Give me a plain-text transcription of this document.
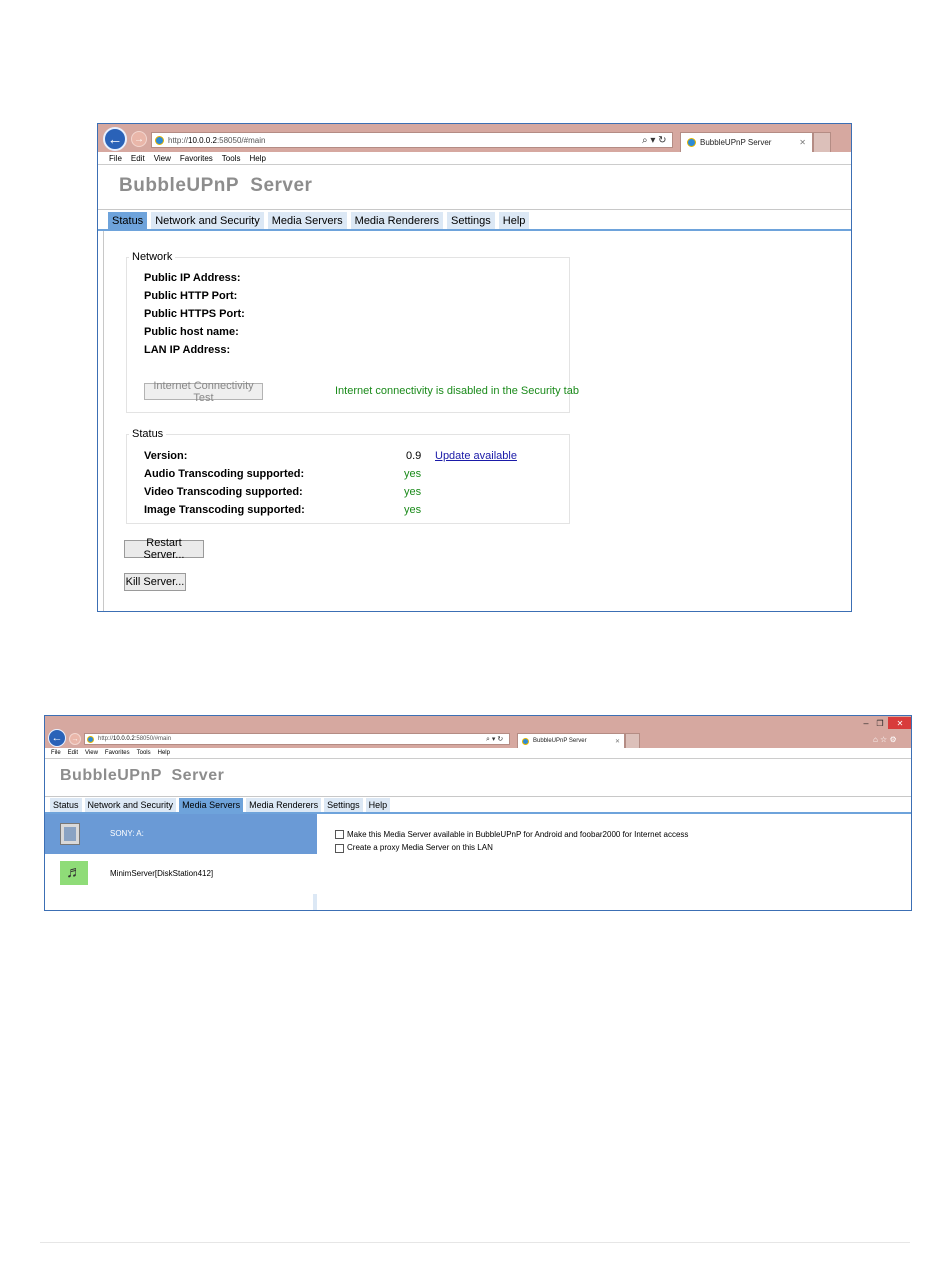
← →	http:// 10.0.0.2 :58050/#main	⌕ ▾ ↻	BubbleUPnP Server	✕
File Edit View Favorites Tools Help
BubbleUPnP  Server
Status Network and Security Media Servers Media Renderers Settings Help
Network
Public IP Address:
Public HTTP Port:
Public HTTPS Port:
Public host name:
LAN IP Address:
Internet Connectivity Test
Internet connectivity is disabled in the Security tab
Status
Version:	0.9 Update available
Audio Transcoding supported:	yes
Video Transcoding supported:	yes
Image Transcoding supported:	yes
Restart Server...
Kill Server...
– ❐ ✕
← →	http:// 10.0.0.2 :58050/#main	⌕ ▾ ↻	BubbleUPnP Server	✕	⌂ ☆ ⚙
File Edit View Favorites Tools Help
BubbleUPnP  Server
Status Network and Security Media Servers Media Renderers Settings Help
SONY: A:
♬	MinimServer[DiskStation412]
Make this Media Server available in BubbleUPnP for Android and foobar2000 for Internet access
Create a proxy Media Server on this LAN
